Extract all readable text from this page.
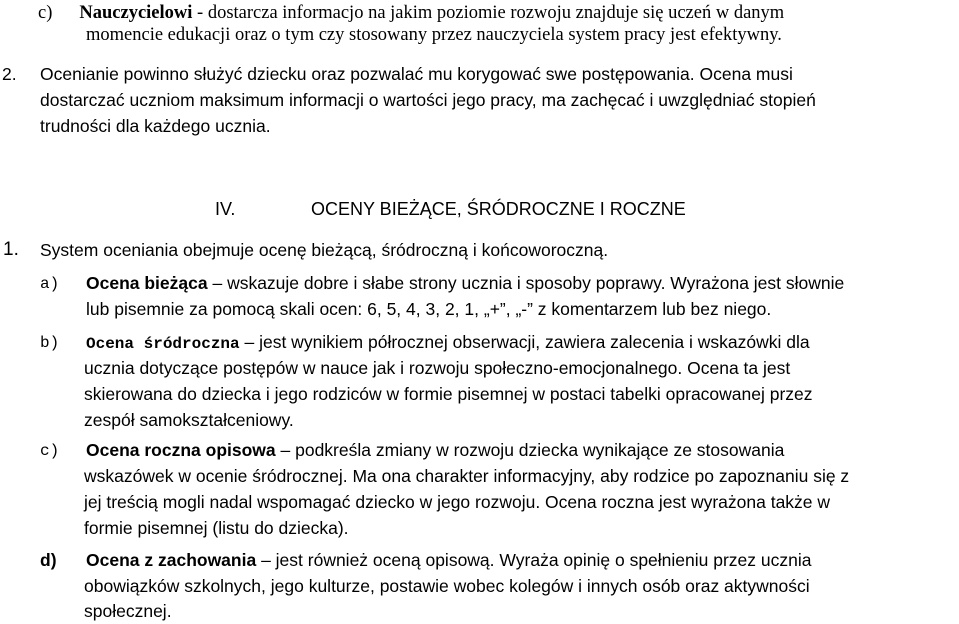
c) Nauczycielowi - dostarcza informacjo na jakim poziomie rozwoju znajduje się uczeń w danym
momencie edukacji oraz o tym czy stosowany przez nauczyciela system pracy jest efektywny.
2. Ocenianie powinno służyć dziecku oraz pozwalać mu korygować swe postępowania. Ocena musi
dostarczać uczniom maksimum informacji o wartości jego pracy, ma zachęcać i uwzględniać stopień
trudności dla każdego ucznia.
IV.	OCENY BIEŻĄCE, ŚRÓDROCZNE I ROCZNE
1. System oceniania obejmuje ocenę bieżącą, śródroczną i końcoworoczną.
a) Ocena bieżąca – wskazuje dobre i słabe strony ucznia i sposoby poprawy. Wyrażona jest słownie
lub pisemnie za pomocą skali ocen: 6, 5, 4, 3, 2, 1, „+”, „-” z komentarzem lub bez niego.
b) Ocena śródroczna – jest wynikiem półrocznej obserwacji, zawiera zalecenia i wskazówki dla
ucznia dotyczące postępów w nauce jak i rozwoju społeczno-emocjonalnego. Ocena ta jest
skierowana do dziecka i jego rodziców w formie pisemnej w postaci tabelki opracowanej przez
zespół samokształceniowy.
c) Ocena roczna opisowa – podkreśla zmiany w rozwoju dziecka wynikające ze stosowania
wskazówek w ocenie śródrocznej. Ma ona charakter informacyjny, aby rodzice po zapoznaniu się z
jej treścią mogli nadal wspomagać dziecko w jego rozwoju. Ocena roczna jest wyrażona także w
formie pisemnej (listu do dziecka).
d) Ocena z zachowania – jest również oceną opisową. Wyraża opinię o spełnieniu przez ucznia
obowiązków szkolnych, jego kulturze, postawie wobec kolegów i innych osób oraz aktywności
społecznej.
